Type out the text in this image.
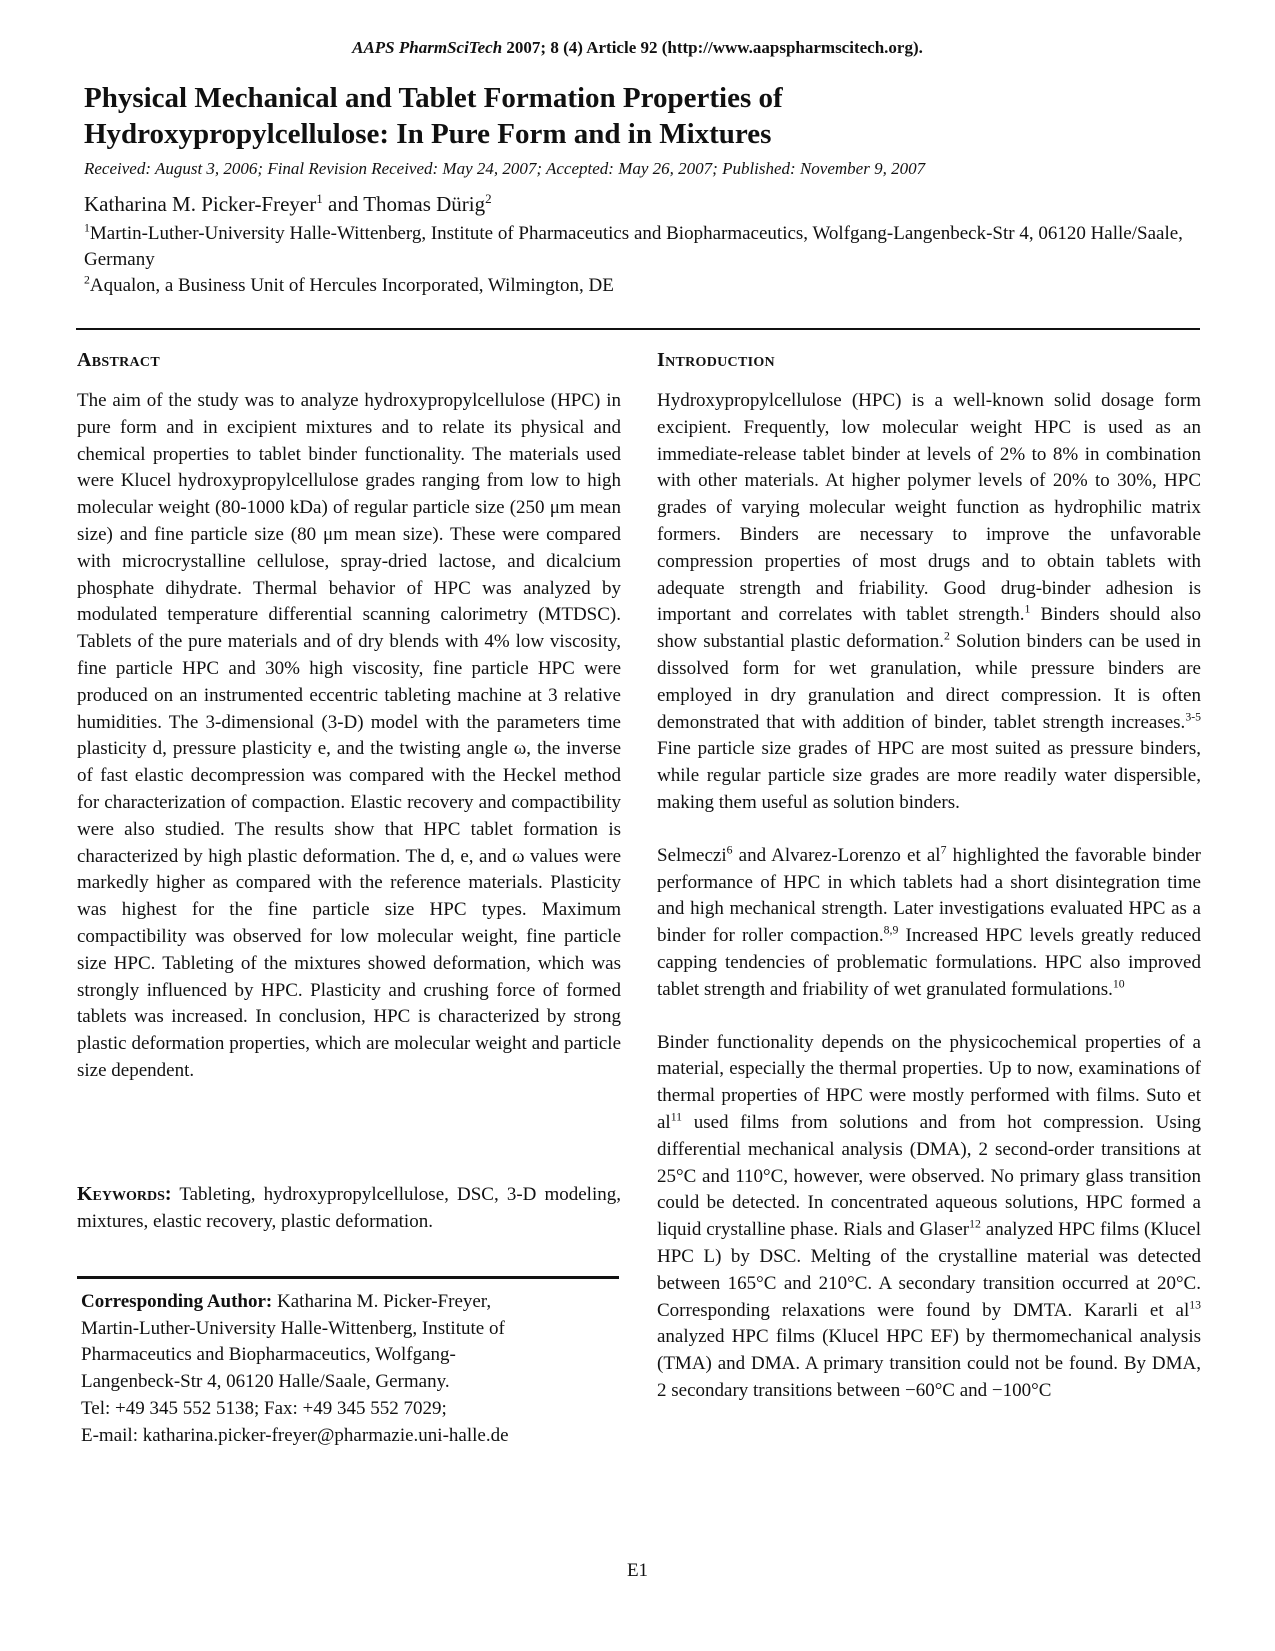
AAPS PharmSciTech 2007; 8 (4) Article 92 (http://www.aapspharmscitech.org).
Physical Mechanical and Tablet Formation Properties of
Hydroxypropylcellulose: In Pure Form and in Mixtures
Received: August 3, 2006; Final Revision Received: May 24, 2007; Accepted: May 26, 2007; Published: November 9, 2007
Katharina M. Picker-Freyer$^1$ and Thomas Dürig$^2$
$^1$Martin-Luther-University Halle-Wittenberg, Institute of Pharmaceutics and Biopharmaceutics, Wolfgang-Langenbeck-Str 4, 06120 Halle/Saale, Germany
$^2$Aqualon, a Business Unit of Hercules Incorporated, Wilmington, DE
Abstract

The aim of the study was to analyze hydroxypropylcellulose (HPC) in pure form and in excipient mixtures and to relate its physical and chemical properties to tablet binder functionality. The materials used were Klucel hydroxypropylcellulose grades ranging from low to high molecular weight (80-1000 kDa) of regular particle size (250 μm mean size) and fine particle size (80 μm mean size). These were compared with microcrystalline cellulose, spray-dried lactose, and dicalcium phosphate dihydrate. Thermal behavior of HPC was analyzed by modulated temperature differential scanning calorimetry (MTDSC). Tablets of the pure materials and of dry blends with 4% low viscosity, fine particle HPC and 30% high viscosity, fine particle HPC were produced on an instrumented eccentric tableting machine at 3 relative humidities. The 3-dimensional (3-D) model with the parameters time plasticity d, pressure plasticity e, and the twisting angle ω, the inverse of fast elastic decompression was compared with the Heckel method for characterization of compaction. Elastic recovery and compactibility were also studied. The results show that HPC tablet formation is characterized by high plastic deformation. The d, e, and ω values were markedly higher as compared with the reference materials. Plasticity was highest for the fine particle size HPC types. Maximum compactibility was observed for low molecular weight, fine particle size HPC. Tableting of the mixtures showed deformation, which was strongly influenced by HPC. Plasticity and crushing force of formed tablets was increased. In conclusion, HPC is characterized by strong plastic deformation properties, which are molecular weight and particle size dependent.

Keywords: Tableting, hydroxypropylcellulose, DSC, 3-D modeling, mixtures, elastic recovery, plastic deformation.
Corresponding Author: Katharina M. Picker-Freyer,
Martin-Luther-University Halle-Wittenberg, Institute of
Pharmaceutics and Biopharmaceutics, Wolfgang-
Langenbeck-Str 4, 06120 Halle/Saale, Germany.
Tel: +49 345 552 5138; Fax: +49 345 552 7029;
E-mail: katharina.picker-freyer@pharmazie.uni-halle.de
Introduction

Hydroxypropylcellulose (HPC) is a well-known solid dosage form excipient. Frequently, low molecular weight HPC is used as an immediate-release tablet binder at levels of 2% to 8% in combination with other materials. At higher polymer levels of 20% to 30%, HPC grades of varying molecular weight function as hydrophilic matrix formers. Binders are necessary to improve the unfavorable compression properties of most drugs and to obtain tablets with adequate strength and friability. Good drug-binder adhesion is important and correlates with tablet strength.$^1$ Binders should also show substantial plastic deformation.$^2$ Solution binders can be used in dissolved form for wet granulation, while pressure binders are employed in dry granulation and direct compression. It is often demonstrated that with addition of binder, tablet strength increases.$^{3-5}$ Fine particle size grades of HPC are most suited as pressure binders, while regular particle size grades are more readily water dispersible, making them useful as solution binders.

Selmeczi$^6$ and Alvarez-Lorenzo et $al^7$ highlighted the favorable binder performance of HPC in which tablets had a short disintegration time and high mechanical strength. Later investigations evaluated HPC as a binder for roller compaction.$^{8,9}$ Increased HPC levels greatly reduced capping tendencies of problematic formulations. HPC also improved tablet strength and friability of wet granulated formulations.$^{10}$

Binder functionality depends on the physicochemical properties of a material, especially the thermal properties. Up to now, examinations of thermal properties of HPC were mostly performed with films. Suto et $al^{11}$ used films from solutions and from hot compression. Using differential mechanical analysis (DMA), 2 second-order transitions at 25°C and 110°C, however, were observed. No primary glass transition could be detected. In concentrated aqueous solutions, HPC formed a liquid crystalline phase. Rials and Glaser$^{12}$ analyzed HPC films (Klucel HPC L) by DSC. Melting of the crystalline material was detected between 165°C and 210°C. A secondary transition occurred at 20°C. Corresponding relaxations were found by DMTA. Kararli et $al^{13}$ analyzed HPC films (Klucel HPC EF) by thermomechanical analysis (TMA) and DMA. A primary transition could not be found. By DMA, 2 secondary transitions between −60°C and −100°C

E1
